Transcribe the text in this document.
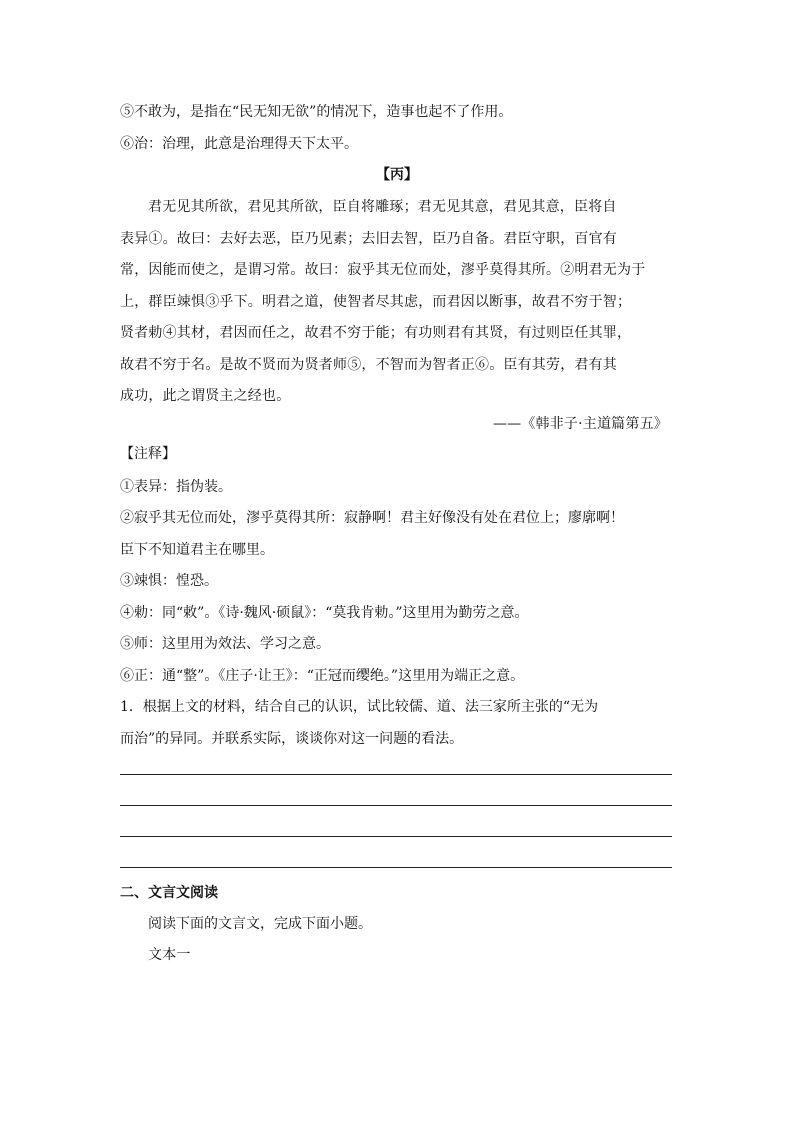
⑤不敢为，是指在“民无知无欲”的情况下，造事也起不了作用。
⑥治：治理，此意是治理得天下太平。
【丙】
君无见其所欲，君见其所欲，臣自将雕琢；君无见其意，君见其意，臣将自
表异①。故曰：去好去恶，臣乃见素；去旧去智，臣乃自备。君臣守职，百官有
常，因能而使之，是谓习常。故曰：寂乎其无位而处，漻乎莫得其所。②明君无为于
上，群臣竦惧③乎下。明君之道，使智者尽其虑，而君因以断事，故君不穷于智；
贤者勅④其材，君因而任之，故君不穷于能；有功则君有其贤，有过则臣任其罪，
故君不穷于名。是故不贤而为贤者师⑤，不智而为智者正⑥。臣有其劳，君有其
成功，此之谓贤主之经也。
——《韩非子·主道篇第五》
【注释】
①表异：指伪装。
②寂乎其无位而处，漻乎莫得其所：寂静啊！君主好像没有处在君位上；廖廓啊！
臣下不知道君主在哪里。
③竦惧：惶恐。
④勅：同“敕”。《诗·魏风·硕鼠》：“莫我肯勅。”这里用为勤劳之意。
⑤师：这里用为效法、学习之意。
⑥正：通“整”。《庄子·让王》：“正冠而缨绝。”这里用为端正之意。
1．根据上文的材料，结合自己的认识，试比较儒、道、法三家所主张的“无为
而治”的异同。并联系实际，谈谈你对这一问题的看法。
二、文言文阅读
阅读下面的文言文，完成下面小题。
文本一
